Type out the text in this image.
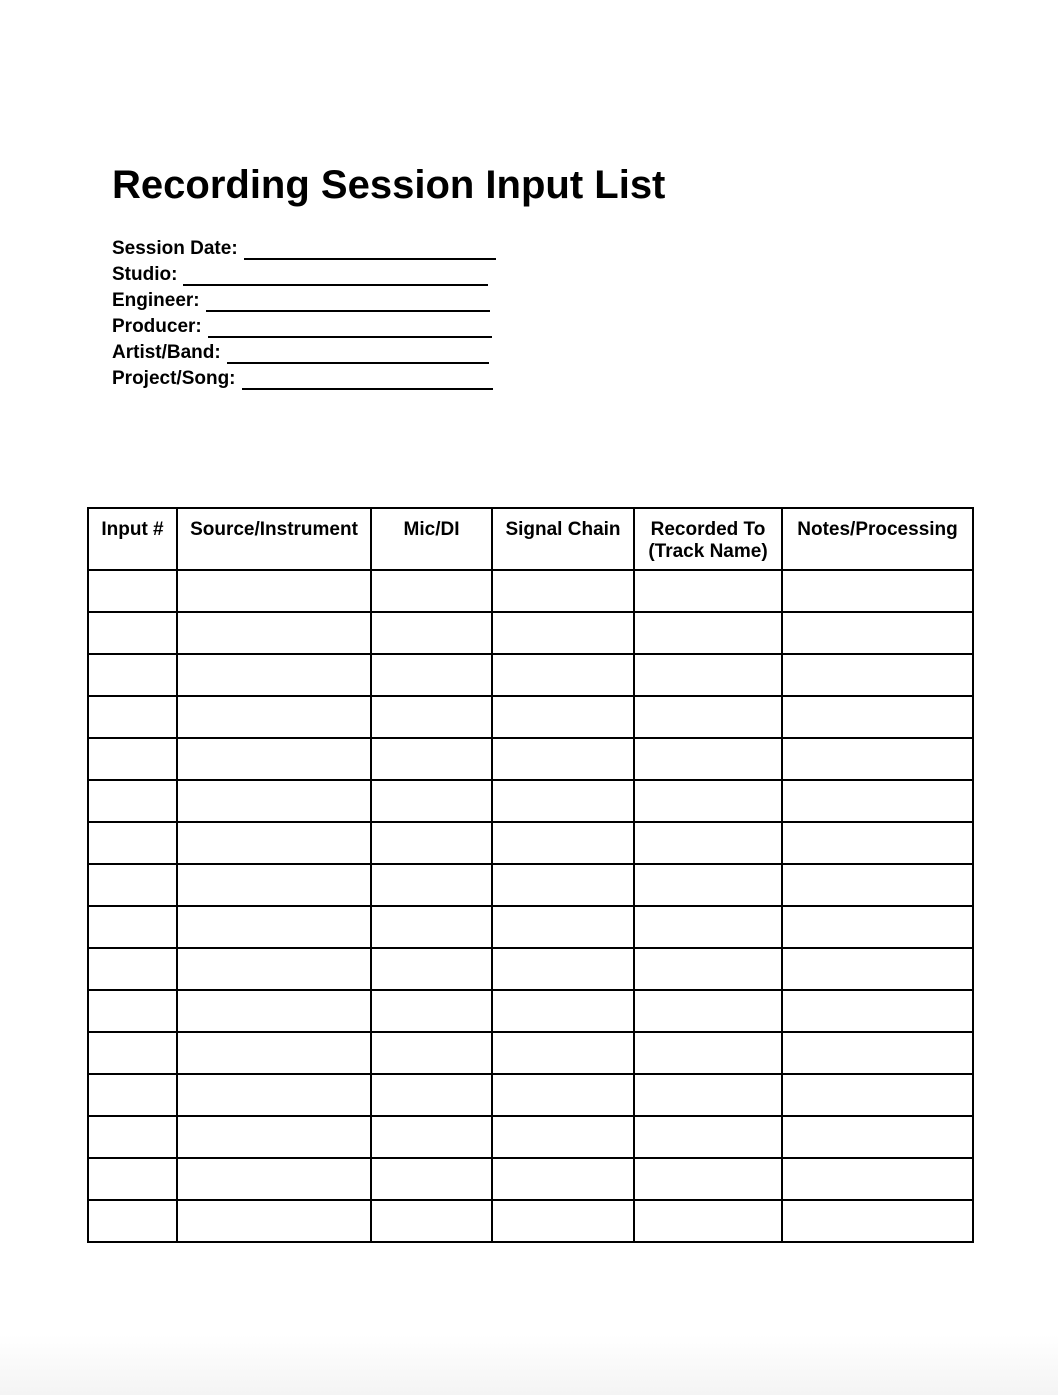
Recording Session Input List
Session Date:
Studio:
Engineer:
Producer:
Artist/Band:
Project/Song:
Input #	Source/Instrument	Mic/DI	Signal Chain	Recorded To (Track Name)	Notes/Processing
